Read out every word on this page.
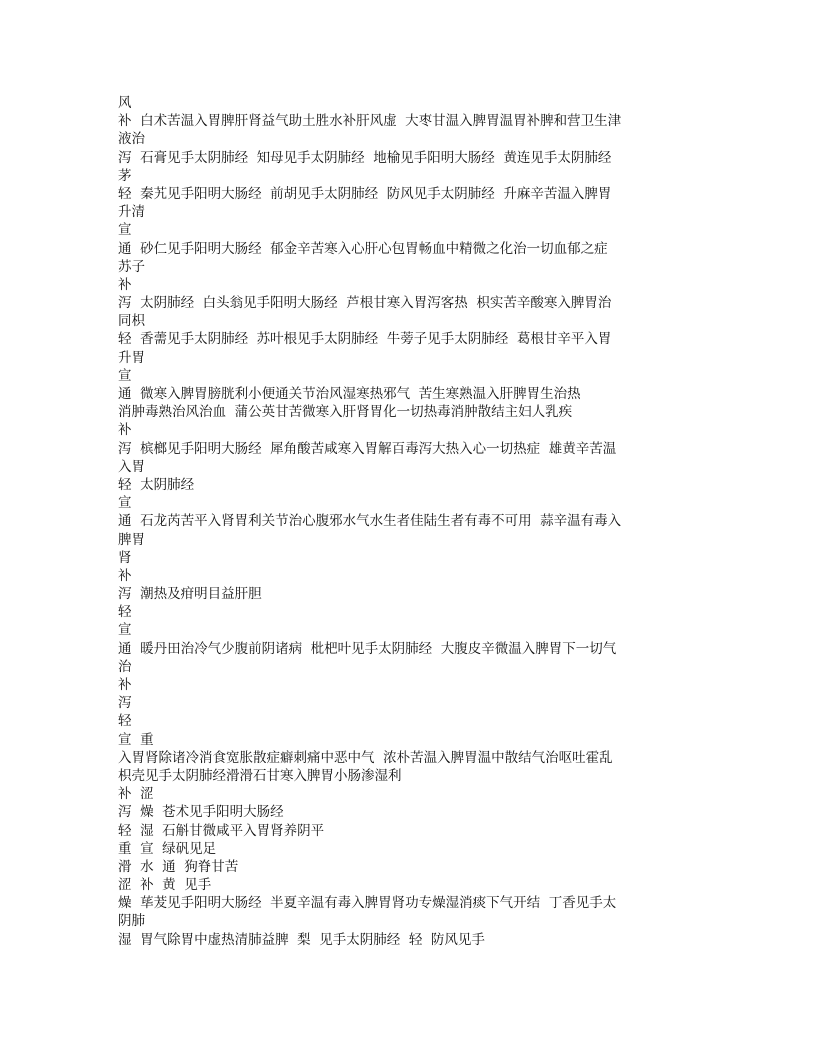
风
补  白术苦温入胃脾肝肾益气助土胜水补肝风虚  大枣甘温入脾胃温胃补脾和营卫生津
液治
泻  石膏见手太阴肺经  知母见手太阴肺经  地榆见手阳明大肠经  黄连见手太阴肺经
茅
轻  秦艽见手阳明大肠经  前胡见手太阴肺经  防风见手太阴肺经  升麻辛苦温入脾胃
升清
宣
通  砂仁见手阳明大肠经  郁金辛苦寒入心肝心包胃畅血中精微之化治一切血郁之症
苏子
补
泻  太阴肺经  白头翁见手阳明大肠经  芦根甘寒入胃泻客热  枳实苦辛酸寒入脾胃治
同枳
轻  香薷见手太阴肺经  苏叶根见手太阴肺经  牛蒡子见手太阴肺经  葛根甘辛平入胃
升胃
宣
通  微寒入脾胃膀胱利小便通关节治风湿寒热邪气  苦生寒熟温入肝脾胃生治热
消肿毒熟治风治血  蒲公英甘苦微寒入肝肾胃化一切热毒消肿散结主妇人乳疾
补
泻  槟榔见手阳明大肠经  犀角酸苦咸寒入胃解百毒泻大热入心一切热症  雄黄辛苦温
入胃
轻  太阴肺经
宣
通  石龙芮苦平入肾胃利关节治心腹邪水气水生者佳陆生者有毒不可用  蒜辛温有毒入
脾胃
肾
补
泻  潮热及疳明目益肝胆
轻
宣
通  暖丹田治冷气少腹前阴诸病  枇杷叶见手太阴肺经  大腹皮辛微温入脾胃下一切气
治
补
泻
轻
宣  重
入胃肾除诸冷消食宽胀散症癖刺痛中恶中气  浓朴苦温入脾胃温中散结气治呕吐霍乱
枳壳见手太阴肺经滑滑石甘寒入脾胃小肠渗湿利
补  涩
泻  燥  苍术见手阳明大肠经
轻  湿  石斛甘微咸平入胃肾养阴平
重  宣  绿矾见足
滑  水  通  狗脊甘苦
涩  补  黄  见手
燥  荜茇见手阳明大肠经  半夏辛温有毒入脾胃肾功专燥湿消痰下气开结  丁香见手太
阴肺
湿  胃气除胃中虚热清肺益脾  梨  见手太阴肺经  轻  防风见手
